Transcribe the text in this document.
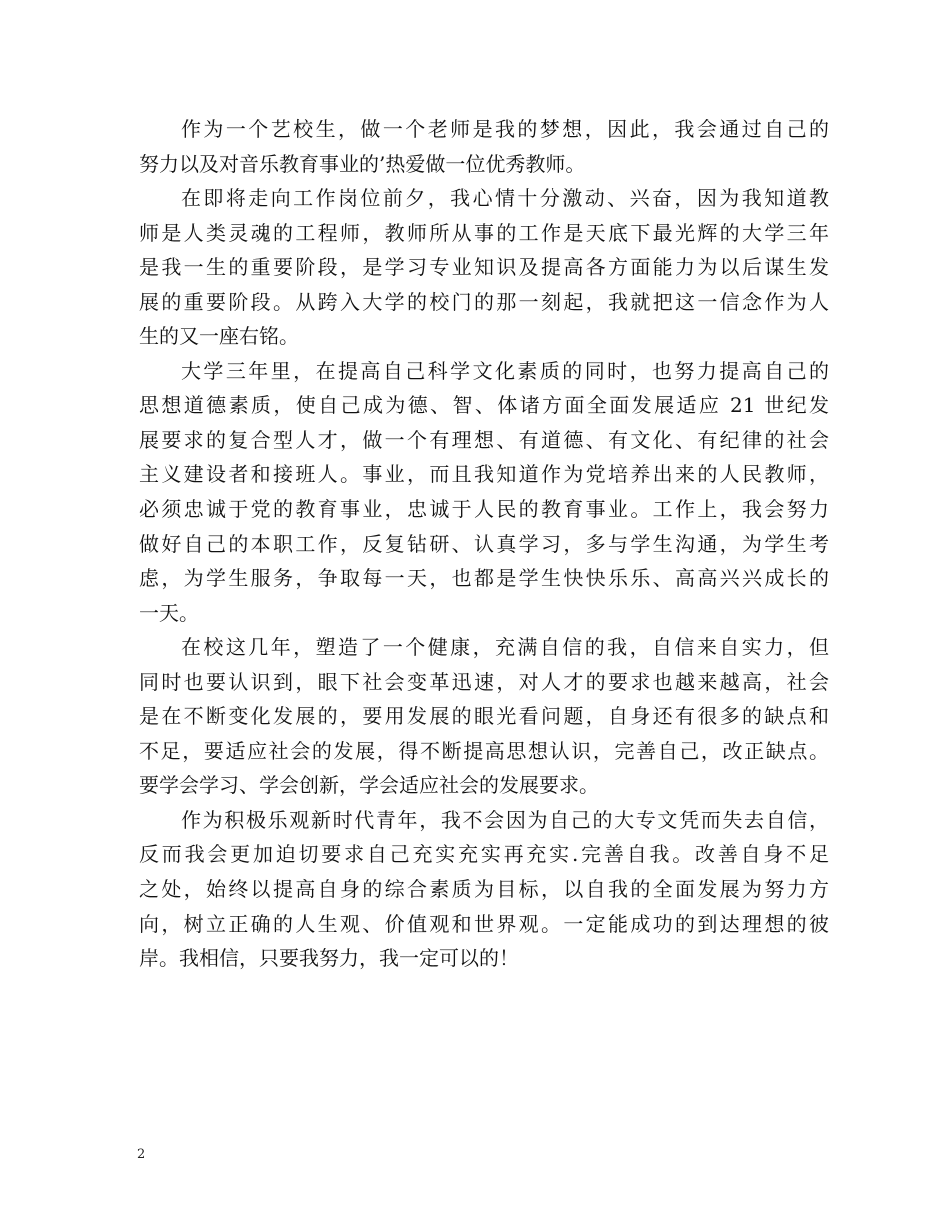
作为一个艺校生，做一个老师是我的梦想，因此，我会通过自己的
努力以及对音乐教育事业的’热爱做一位优秀教师。
在即将走向工作岗位前夕，我心情十分激动、兴奋，因为我知道教
师是人类灵魂的工程师，教师所从事的工作是天底下最光辉的大学三年
是我一生的重要阶段，是学习专业知识及提高各方面能力为以后谋生发
展的重要阶段。从跨入大学的校门的那一刻起，我就把这一信念作为人
生的又一座右铭。
大学三年里，在提高自己科学文化素质的同时，也努力提高自己的
思想道德素质，使自己成为德、智、体诸方面全面发展适应 21 世纪发
展要求的复合型人才，做一个有理想、有道德、有文化、有纪律的社会
主义建设者和接班人。事业，而且我知道作为党培养出来的人民教师，
必须忠诚于党的教育事业，忠诚于人民的教育事业。工作上，我会努力
做好自己的本职工作，反复钻研、认真学习，多与学生沟通，为学生考
虑，为学生服务，争取每一天，也都是学生快快乐乐、高高兴兴成长的
一天。
在校这几年，塑造了一个健康，充满自信的我，自信来自实力，但
同时也要认识到，眼下社会变革迅速，对人才的要求也越来越高，社会
是在不断变化发展的，要用发展的眼光看问题，自身还有很多的缺点和
不足，要适应社会的发展，得不断提高思想认识，完善自己，改正缺点。
要学会学习、学会创新，学会适应社会的发展要求。
作为积极乐观新时代青年，我不会因为自己的大专文凭而失去自信，
反而我会更加迫切要求自己充实充实再充实.完善自我。改善自身不足
之处，始终以提高自身的综合素质为目标，以自我的全面发展为努力方
向，树立正确的人生观、价值观和世界观。一定能成功的到达理想的彼
岸。我相信，只要我努力，我一定可以的！
2
